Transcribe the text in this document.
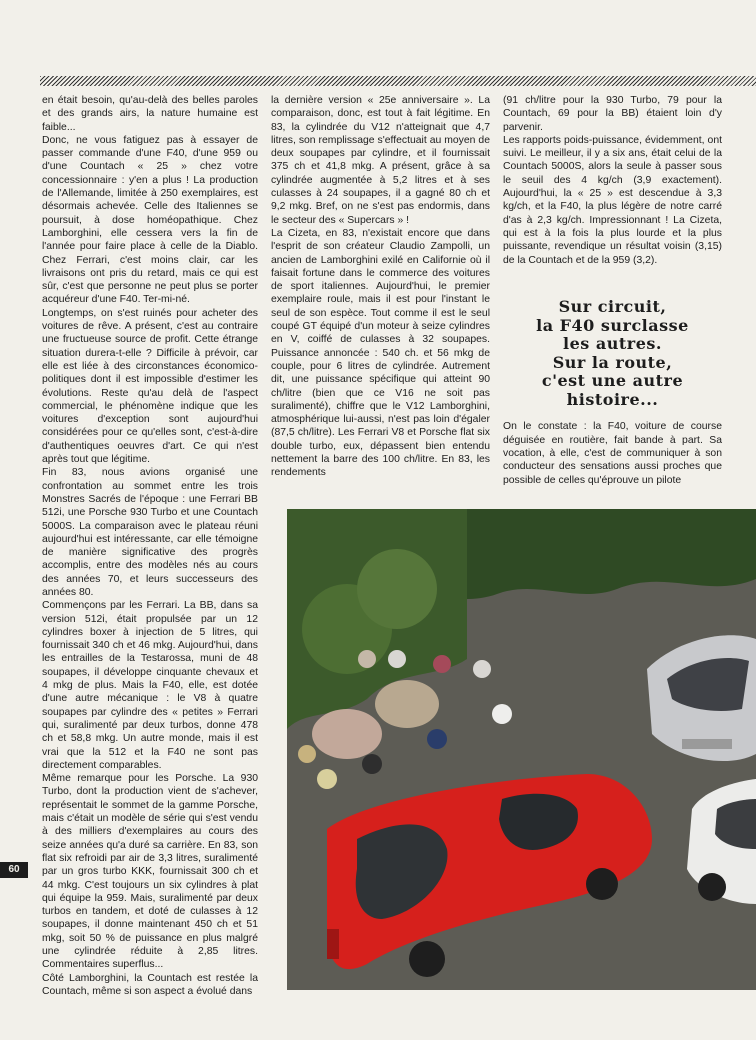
en était besoin, qu'au-delà des belles paroles et des grands airs, la nature humaine est faible...

Donc, ne vous fatiguez pas à essayer de passer commande d'une F40, d'une 959 ou d'une Countach « 25 » chez votre concessionnaire : y'en a plus ! La production de l'Allemande, limitée à 250 exemplaires, est désormais achevée. Celle des Italiennes se poursuit, à dose homéopathique. Chez Lamborghini, elle cessera vers la fin de l'année pour faire place à celle de la Diablo. Chez Ferrari, c'est moins clair, car les livraisons ont pris du retard, mais ce qui est sûr, c'est que personne ne peut plus se porter acquéreur d'une F40. Ter-mi-né.

Longtemps, on s'est ruinés pour acheter des voitures de rêve. A présent, c'est au contraire une fructueuse source de profit. Cette étrange situation durera-t-elle ? Difficile à prévoir, car elle est liée à des circonstances économico-politiques dont il est impossible d'estimer les évolutions. Reste qu'au delà de l'aspect commercial, le phénomène indique que les voitures d'exception sont aujourd'hui considérées pour ce qu'elles sont, c'est-à-dire d'authentiques oeuvres d'art. Ce qui n'est après tout que légitime.

Fin 83, nous avions organisé une confrontation au sommet entre les trois Monstres Sacrés de l'époque : une Ferrari BB 512i, une Porsche 930 Turbo et une Countach 5000S. La comparaison avec le plateau réuni aujourd'hui est intéressante, car elle témoigne de manière significative des progrès accomplis, entre des modèles nés au cours des années 70, et leurs successeurs des années 80.

Commençons par les Ferrari. La BB, dans sa version 512i, était propulsée par un 12 cylindres boxer à injection de 5 litres, qui fournissait 340 ch et 46 mkg. Aujourd'hui, dans les entrailles de la Testarossa, muni de 48 soupapes, il développe cinquante chevaux et 4 mkg de plus. Mais la F40, elle, est dotée d'une autre mécanique : le V8 à quatre soupapes par cylindre des « petites » Ferrari qui, suralimenté par deux turbos, donne 478 ch et 58,8 mkg. Un autre monde, mais il est vrai que la 512 et la F40 ne sont pas directement comparables.

Même remarque pour les Porsche. La 930 Turbo, dont la production vient de s'achever, représentait le sommet de la gamme Porsche, mais c'était un modèle de série qui s'est vendu à des milliers d'exemplaires au cours des seize années qu'a duré sa carrière. En 83, son flat six refroidi par air de 3,3 litres, suralimenté par un gros turbo KKK, fournissait 300 ch et 44 mkg. C'est toujours un six cylindres à plat qui équipe la 959. Mais, suralimenté par deux turbos en tandem, et doté de culasses à 12 soupapes, il donne maintenant 450 ch et 51 mkg, soit 50 % de puissance en plus malgré une cylindrée réduite à 2,85 litres. Commentaires superflus...

Côté Lamborghini, la Countach est restée la Countach, même si son aspect a évolué dans

la dernière version « 25e anniversaire ». La comparaison, donc, est tout à fait légitime. En 83, la cylindrée du V12 n'atteignait que 4,7 litres, son remplissage s'effectuait au moyen de deux soupapes par cylindre, et il fournissait 375 ch et 41,8 mkg. A présent, grâce à sa cylindrée augmentée à 5,2 litres et à ses culasses à 24 soupapes, il a gagné 80 ch et 9,2 mkg. Bref, on ne s'est pas endormis, dans le secteur des « Supercars » !

La Cizeta, en 83, n'existait encore que dans l'esprit de son créateur Claudio Zampolli, un ancien de Lamborghini exilé en Californie où il faisait fortune dans le commerce des voitures de sport italiennes. Aujourd'hui, le premier exemplaire roule, mais il est pour l'instant le seul de son espèce. Tout comme il est le seul coupé GT équipé d'un moteur à seize cylindres en V, coiffé de culasses à 32 soupapes. Puissance annoncée : 540 ch. et 56 mkg de couple, pour 6 litres de cylindrée. Autrement dit, une puissance spécifique qui atteint 90 ch/litre (bien que ce V16 ne soit pas suralimenté), chiffre que le V12 Lamborghini, atmosphérique lui-aussi, n'est pas loin d'égaler (87,5 ch/litre). Les Ferrari V8 et Porsche flat six double turbo, eux, dépassent bien entendu nettement la barre des 100 ch/litre. En 83, les rendements

(91 ch/litre pour la 930 Turbo, 79 pour la Countach, 69 pour la BB) étaient loin d'y parvenir.

Les rapports poids-puissance, évidemment, ont suivi. Le meilleur, il y a six ans, était celui de la Countach 5000S, alors la seule à passer sous le seuil des 4 kg/ch (3,9 exactement). Aujourd'hui, la « 25 » est descendue à 3,3 kg/ch, et la F40, la plus légère de notre carré d'as à 2,3 kg/ch. Impressionnant ! La Cizeta, qui est à la fois la plus lourde et la plus puissante, revendique un résultat voisin (3,15) de la Countach et de la 959 (3,2).

Sur circuit,
la F40 surclasse
les autres.
Sur la route,
c'est une autre
histoire...

On le constate : la F40, voiture de course déguisée en routière, fait bande à part. Sa vocation, à elle, c'est de communiquer à son conducteur des sensations aussi proches que possible de celles qu'éprouve un pilote

60
